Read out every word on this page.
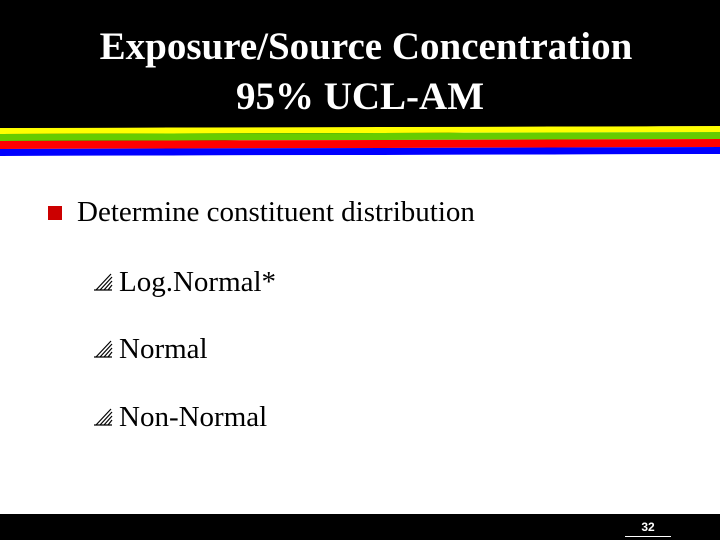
Exposure/Source Concentration
95% UCL-AM
Determine constituent distribution
Log.Normal*
Normal
Non-Normal
32
